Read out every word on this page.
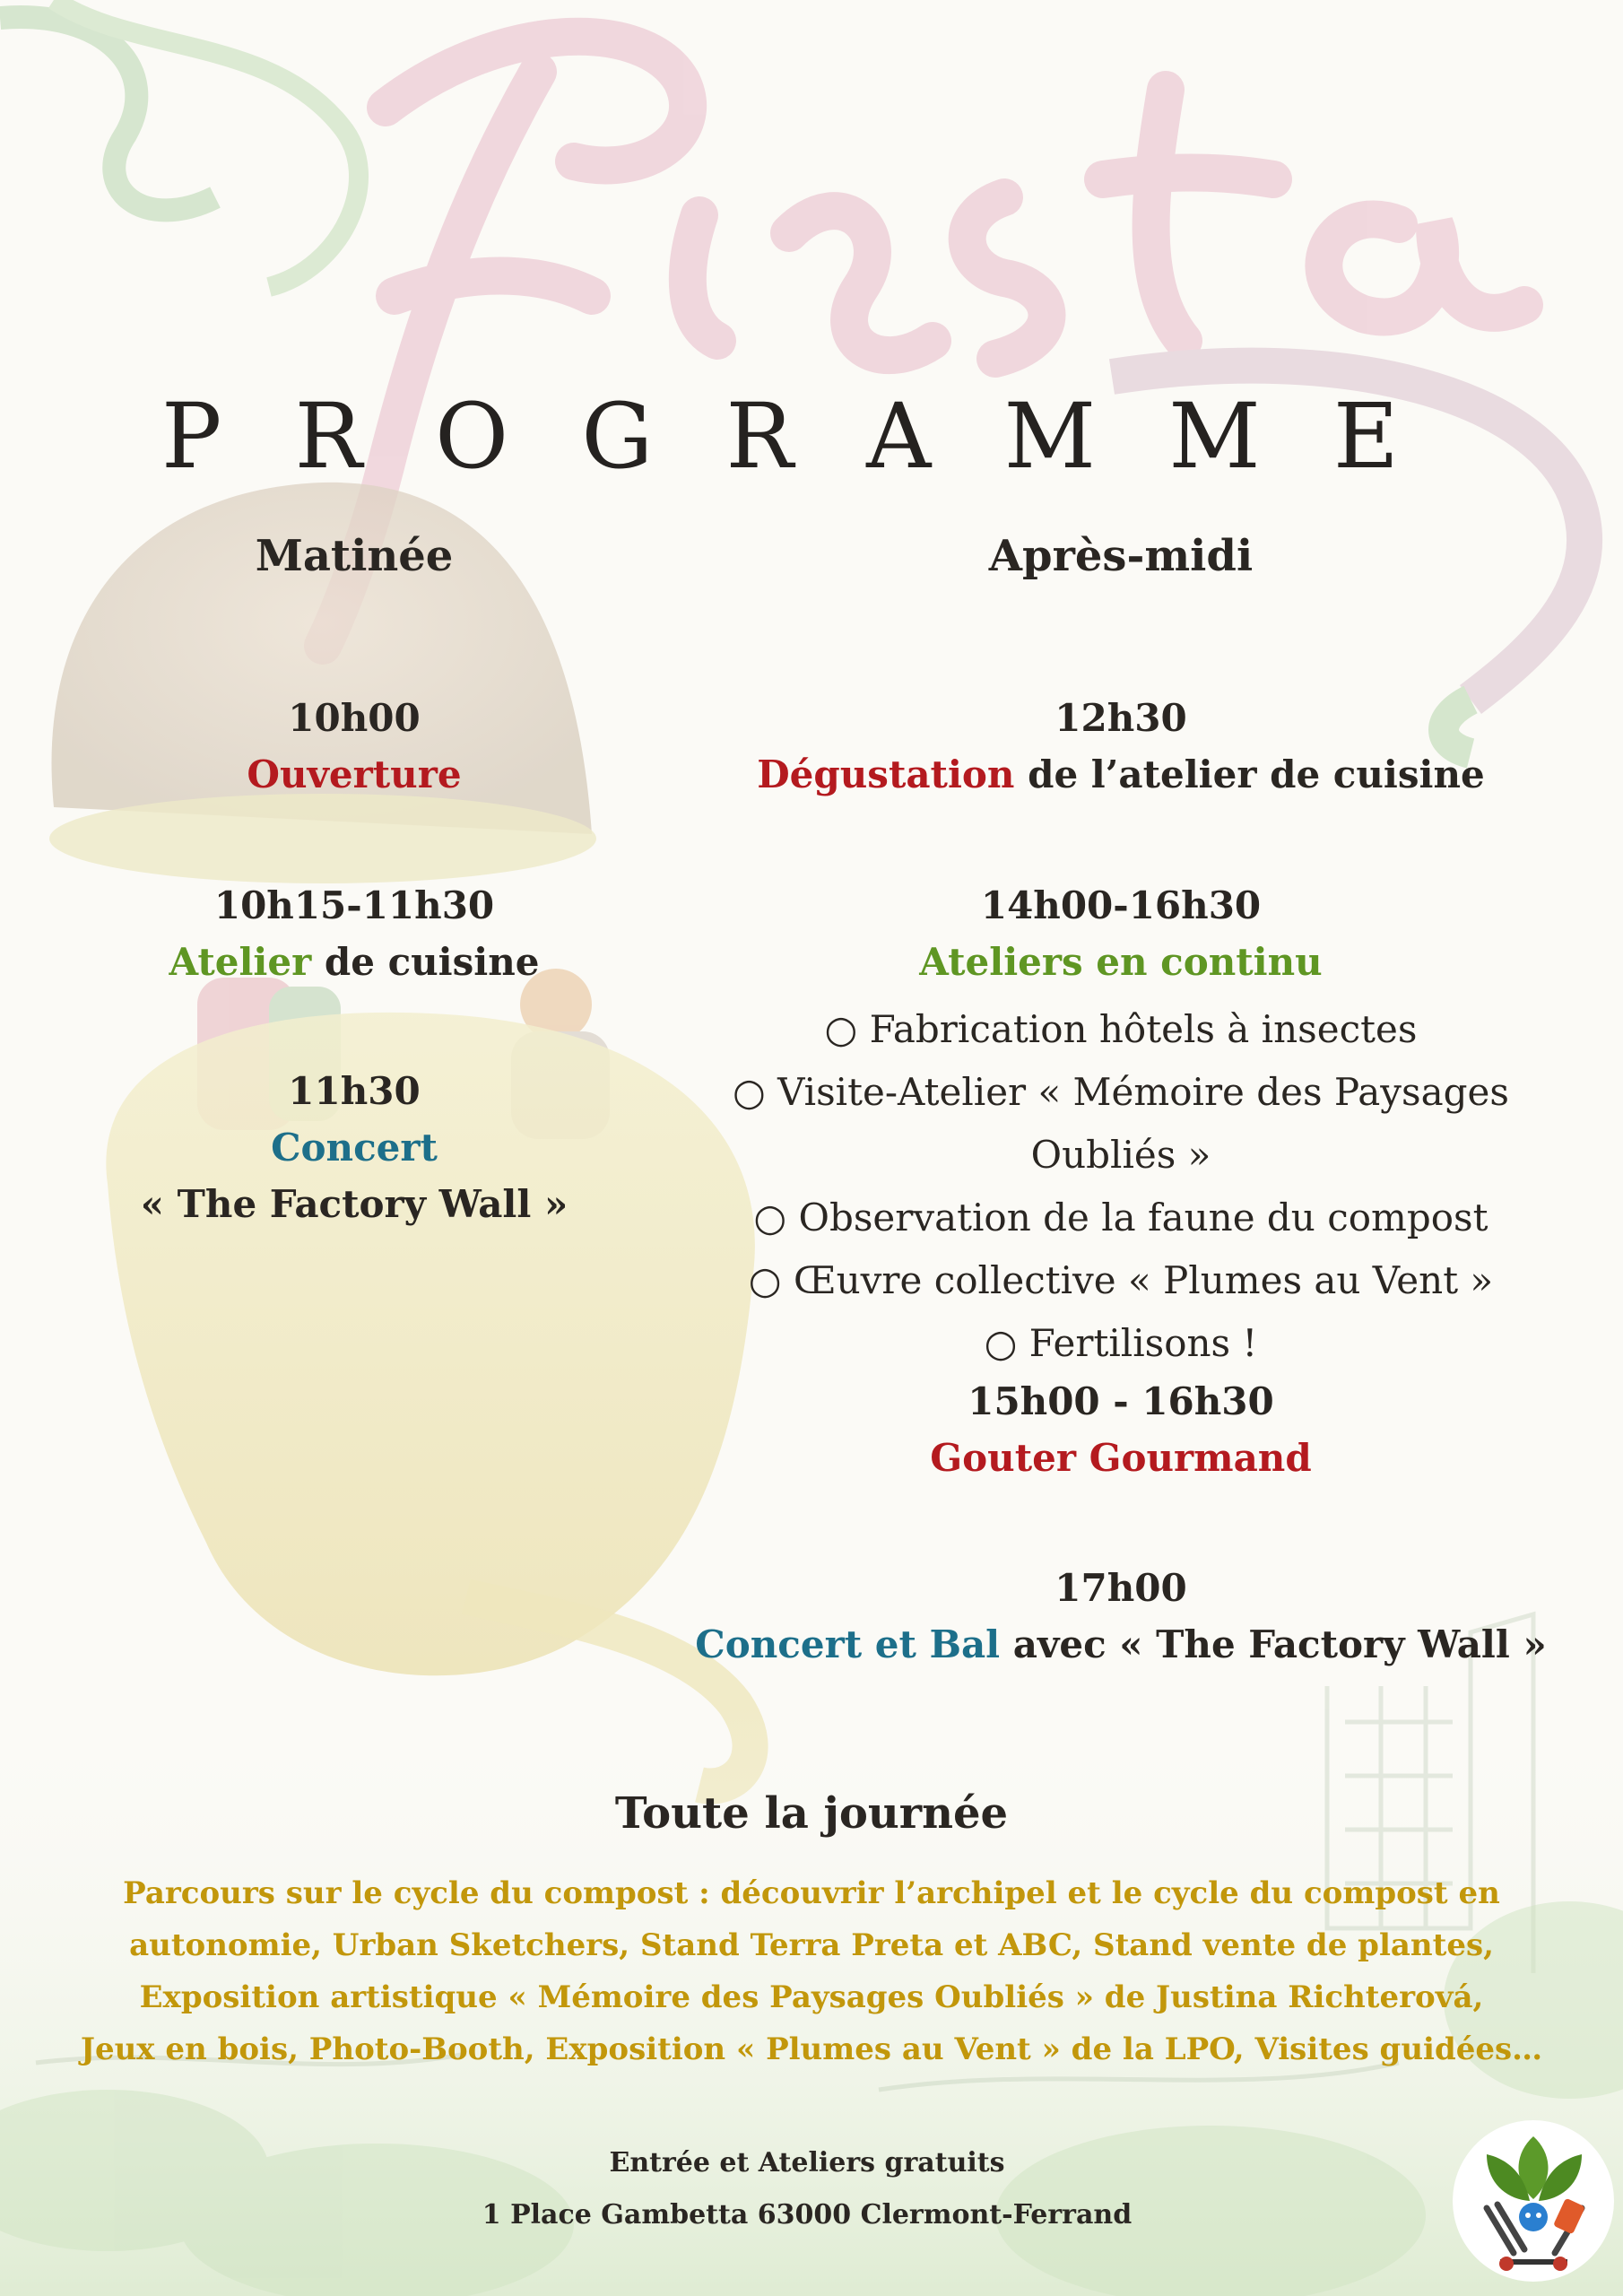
P R O G R A M M E
Matinée	Après-midi
10h00
Ouverture
10h15-11h30
Atelier de cuisine
11h30
Concert
« The Factory Wall »
12h30
Dégustation de l’atelier de cuisine
14h00-16h30
Ateliers en continu
○ Fabrication hôtels à insectes
○ Visite-Atelier « Mémoire des Paysages Oubliés »
○ Observation de la faune du compost
○ Œuvre collective « Plumes au Vent »
○ Fertilisons !
15h00 - 16h30
Gouter Gourmand
17h00
Concert et Bal avec « The Factory Wall »
Toute la journée
Parcours sur le cycle du compost : découvrir l’archipel et le cycle du compost en
autonomie, Urban Sketchers, Stand Terra Preta et ABC, Stand vente de plantes,
Exposition artistique « Mémoire des Paysages Oubliés » de Justina Richterová,
Jeux en bois, Photo-Booth, Exposition « Plumes au Vent » de la LPO, Visites guidées…
Entrée et Ateliers gratuits
1 Place Gambetta 63000 Clermont-Ferrand
